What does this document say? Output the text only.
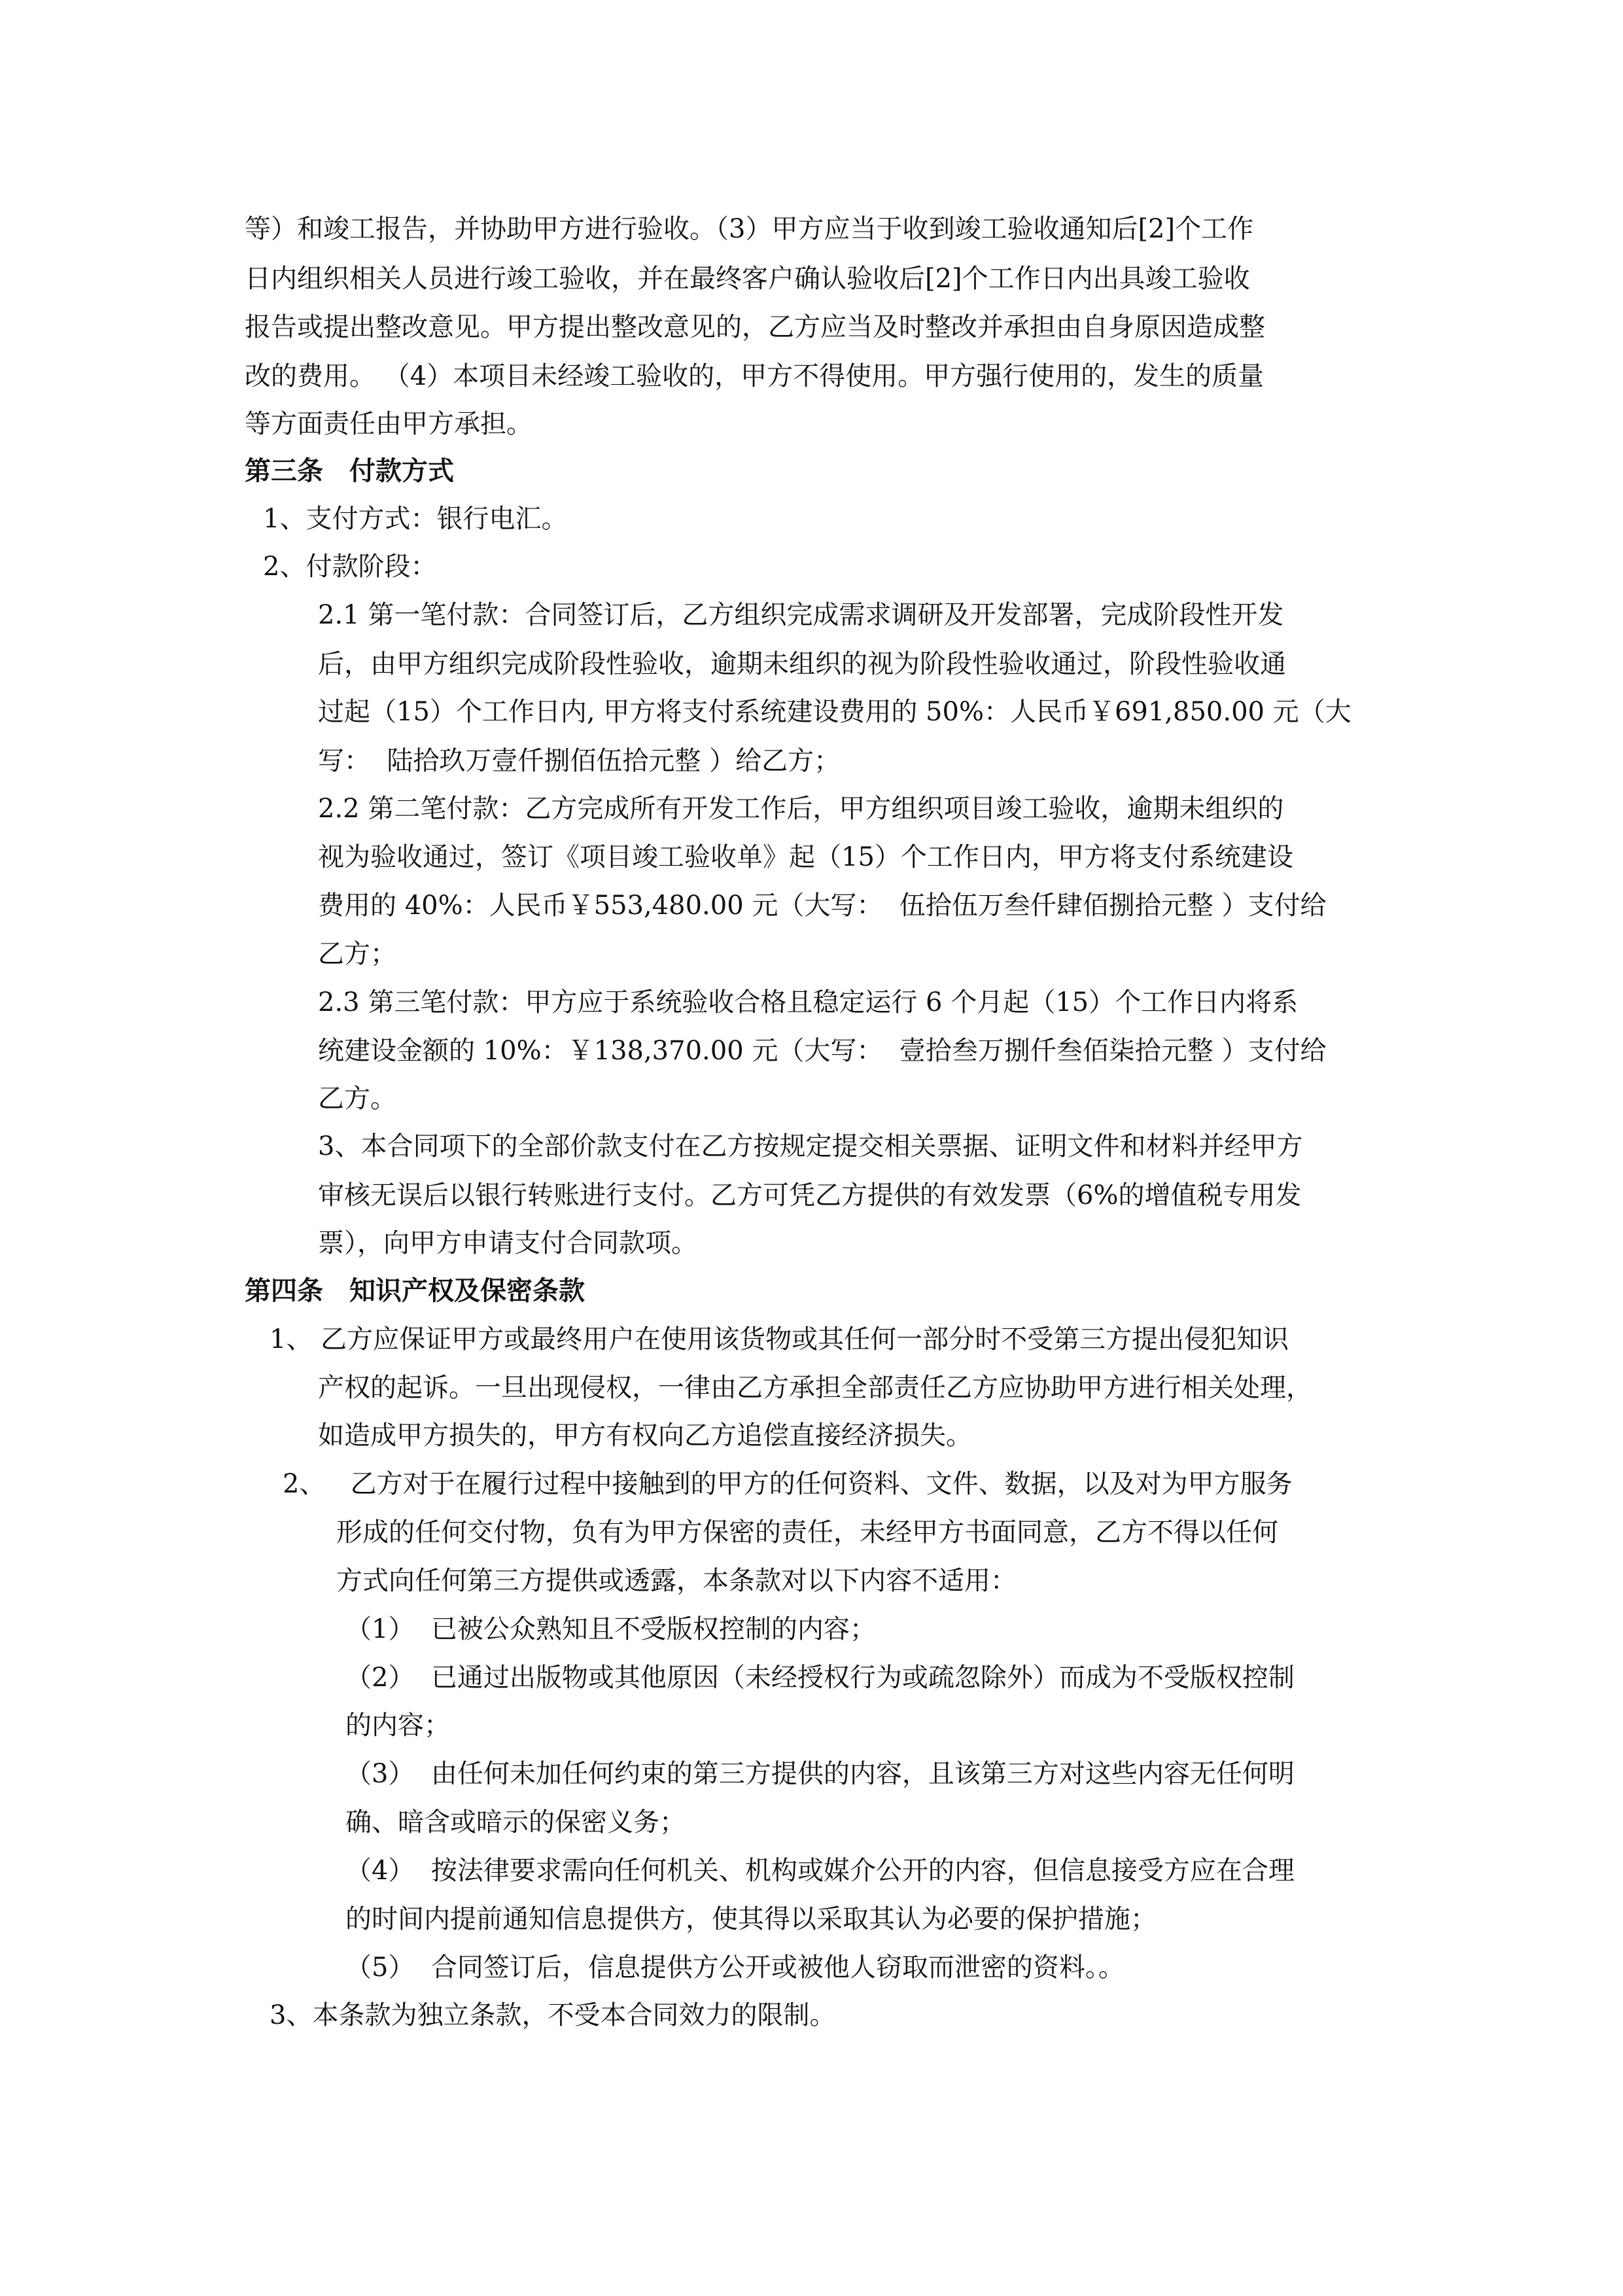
等）和竣工报告，并协助甲方进行验收。（3）甲方应当于收到竣工验收通知后[2]个工作

日内组织相关人员进行竣工验收，并在最终客户确认验收后[2]个工作日内出具竣工验收

报告或提出整改意见。甲方提出整改意见的，乙方应当及时整改并承担由自身原因造成整

改的费用。 （4）本项目未经竣工验收的，甲方不得使用。甲方强行使用的，发生的质量

等方面责任由甲方承担。

第三条　付款方式

1、支付方式：银行电汇。

2、付款阶段：

2.1 第一笔付款：合同签订后，乙方组织完成需求调研及开发部署，完成阶段性开发

后，由甲方组织完成阶段性验收，逾期未组织的视为阶段性验收通过，阶段性验收通

过起（15）个工作日内, 甲方将支付系统建设费用的 50%：人民币￥691,850.00 元（大

写：  陆拾玖万壹仟捌佰伍拾元整 ）给乙方；

2.2 第二笔付款：乙方完成所有开发工作后，甲方组织项目竣工验收，逾期未组织的

视为验收通过，签订《项目竣工验收单》起（15）个工作日内，甲方将支付系统建设

费用的 40%：人民币￥553,480.00 元（大写：  伍拾伍万叁仟肆佰捌拾元整 ）支付给

乙方；

2.3 第三笔付款：甲方应于系统验收合格且稳定运行 6 个月起（15）个工作日内将系

统建设金额的 10%：￥138,370.00 元（大写：  壹拾叁万捌仟叁佰柒拾元整 ）支付给

乙方。

3、本合同项下的全部价款支付在乙方按规定提交相关票据、证明文件和材料并经甲方

审核无误后以银行转账进行支付。乙方可凭乙方提供的有效发票（6%的增值税专用发

票），向甲方申请支付合同款项。

第四条　知识产权及保密条款

1、 乙方应保证甲方或最终用户在使用该货物或其任何一部分时不受第三方提出侵犯知识

产权的起诉。一旦出现侵权，一律由乙方承担全部责任乙方应协助甲方进行相关处理，

如造成甲方损失的，甲方有权向乙方追偿直接经济损失。

2、   乙方对于在履行过程中接触到的甲方的任何资料、文件、数据，以及对为甲方服务

形成的任何交付物，负有为甲方保密的责任，未经甲方书面同意，乙方不得以任何

方式向任何第三方提供或透露，本条款对以下内容不适用：

（1）  已被公众熟知且不受版权控制的内容；

（2）  已通过出版物或其他原因（未经授权行为或疏忽除外）而成为不受版权控制

的内容；

（3）  由任何未加任何约束的第三方提供的内容，且该第三方对这些内容无任何明

确、暗含或暗示的保密义务；

（4）  按法律要求需向任何机关、机构或媒介公开的内容，但信息接受方应在合理

的时间内提前通知信息提供方，使其得以采取其认为必要的保护措施；

（5）  合同签订后，信息提供方公开或被他人窃取而泄密的资料。。

3、本条款为独立条款，不受本合同效力的限制。
